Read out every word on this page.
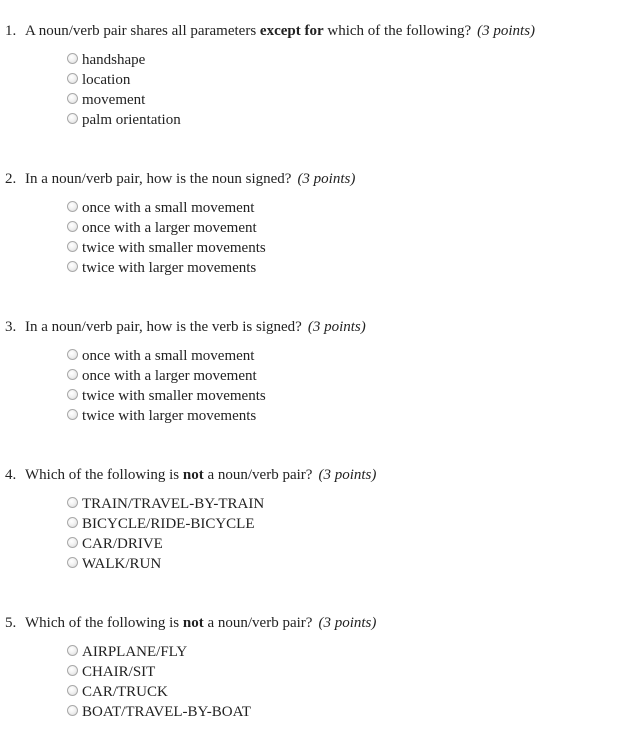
1. A noun/verb pair shares all parameters except for which of the following? (3 points)
handshape
location
movement
palm orientation
2. In a noun/verb pair, how is the noun signed? (3 points)
once with a small movement
once with a larger movement
twice with smaller movements
twice with larger movements
3. In a noun/verb pair, how is the verb is signed? (3 points)
once with a small movement
once with a larger movement
twice with smaller movements
twice with larger movements
4. Which of the following is not a noun/verb pair? (3 points)
TRAIN/TRAVEL-BY-TRAIN
BICYCLE/RIDE-BICYCLE
CAR/DRIVE
WALK/RUN
5. Which of the following is not a noun/verb pair? (3 points)
AIRPLANE/FLY
CHAIR/SIT
CAR/TRUCK
BOAT/TRAVEL-BY-BOAT
